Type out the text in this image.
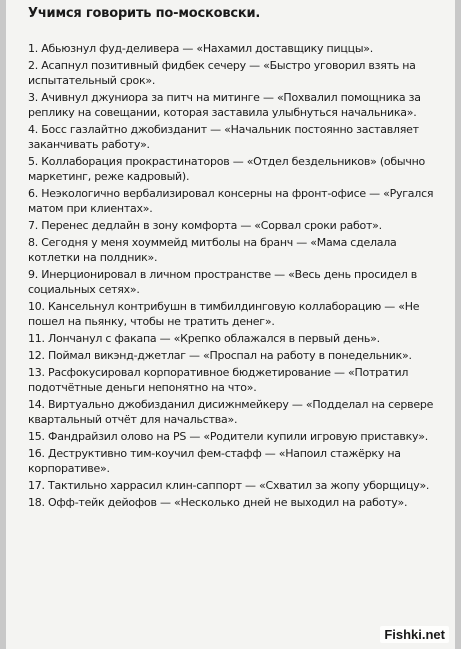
Учимся говорить по-московски.
1. Абьюзнул фуд-деливера — «Нахамил доставщику пиццы».
2. Асапнул позитивный фидбек сечеру — «Быстро уговорил взять на испытательный срок».
3. Ачивнул джуниора за питч на митинге — «Похвалил помощника за реплику на совещании, которая заставила улыбнуться начальника».
4. Босс газлайтно джобизданит — «Начальник постоянно заставляет заканчивать работу».
5. Коллаборация прокрастинаторов — «Отдел бездельников» (обычно маркетинг, реже кадровый).
6. Неэкологично вербализировал консерны на фронт-офисе — «Ругался матом при клиентах».
7. Перенес дедлайн в зону комфорта — «Сорвал сроки работ».
8. Сегодня у меня хоуммейд митболы на бранч — «Мама сделала котлетки на полдник».
9. Инерционировал в личном пространстве — «Весь день просидел в социальных сетях».
10. Кансельнул контрибушн в тимбилдинговую коллаборацию — «Не пошел на пьянку, чтобы не тратить денег».
11. Лончанул с факапа — «Крепко облажался в первый день».
12. Поймал викэнд-джетлаг — «Проспал на работу в понедельник».
13. Расфокусировал корпоративное бюджетирование — «Потратил подотчётные деньги непонятно на что».
14. Виртуально джобизданил дисижнмейкеру — «Подделал на сервере квартальный отчёт для начальства».
15. Фандрайзил олово на PS — «Родители купили игровую приставку».
16. Деструктивно тим-коучил фем-стафф — «Напоил стажёрку на корпоративе».
17. Тактильно харрасил клин-саппорт — «Схватил за жопу уборщицу».
18. Офф-тейк дейофов — «Несколько дней не выходил на работу».
Fishki.net
